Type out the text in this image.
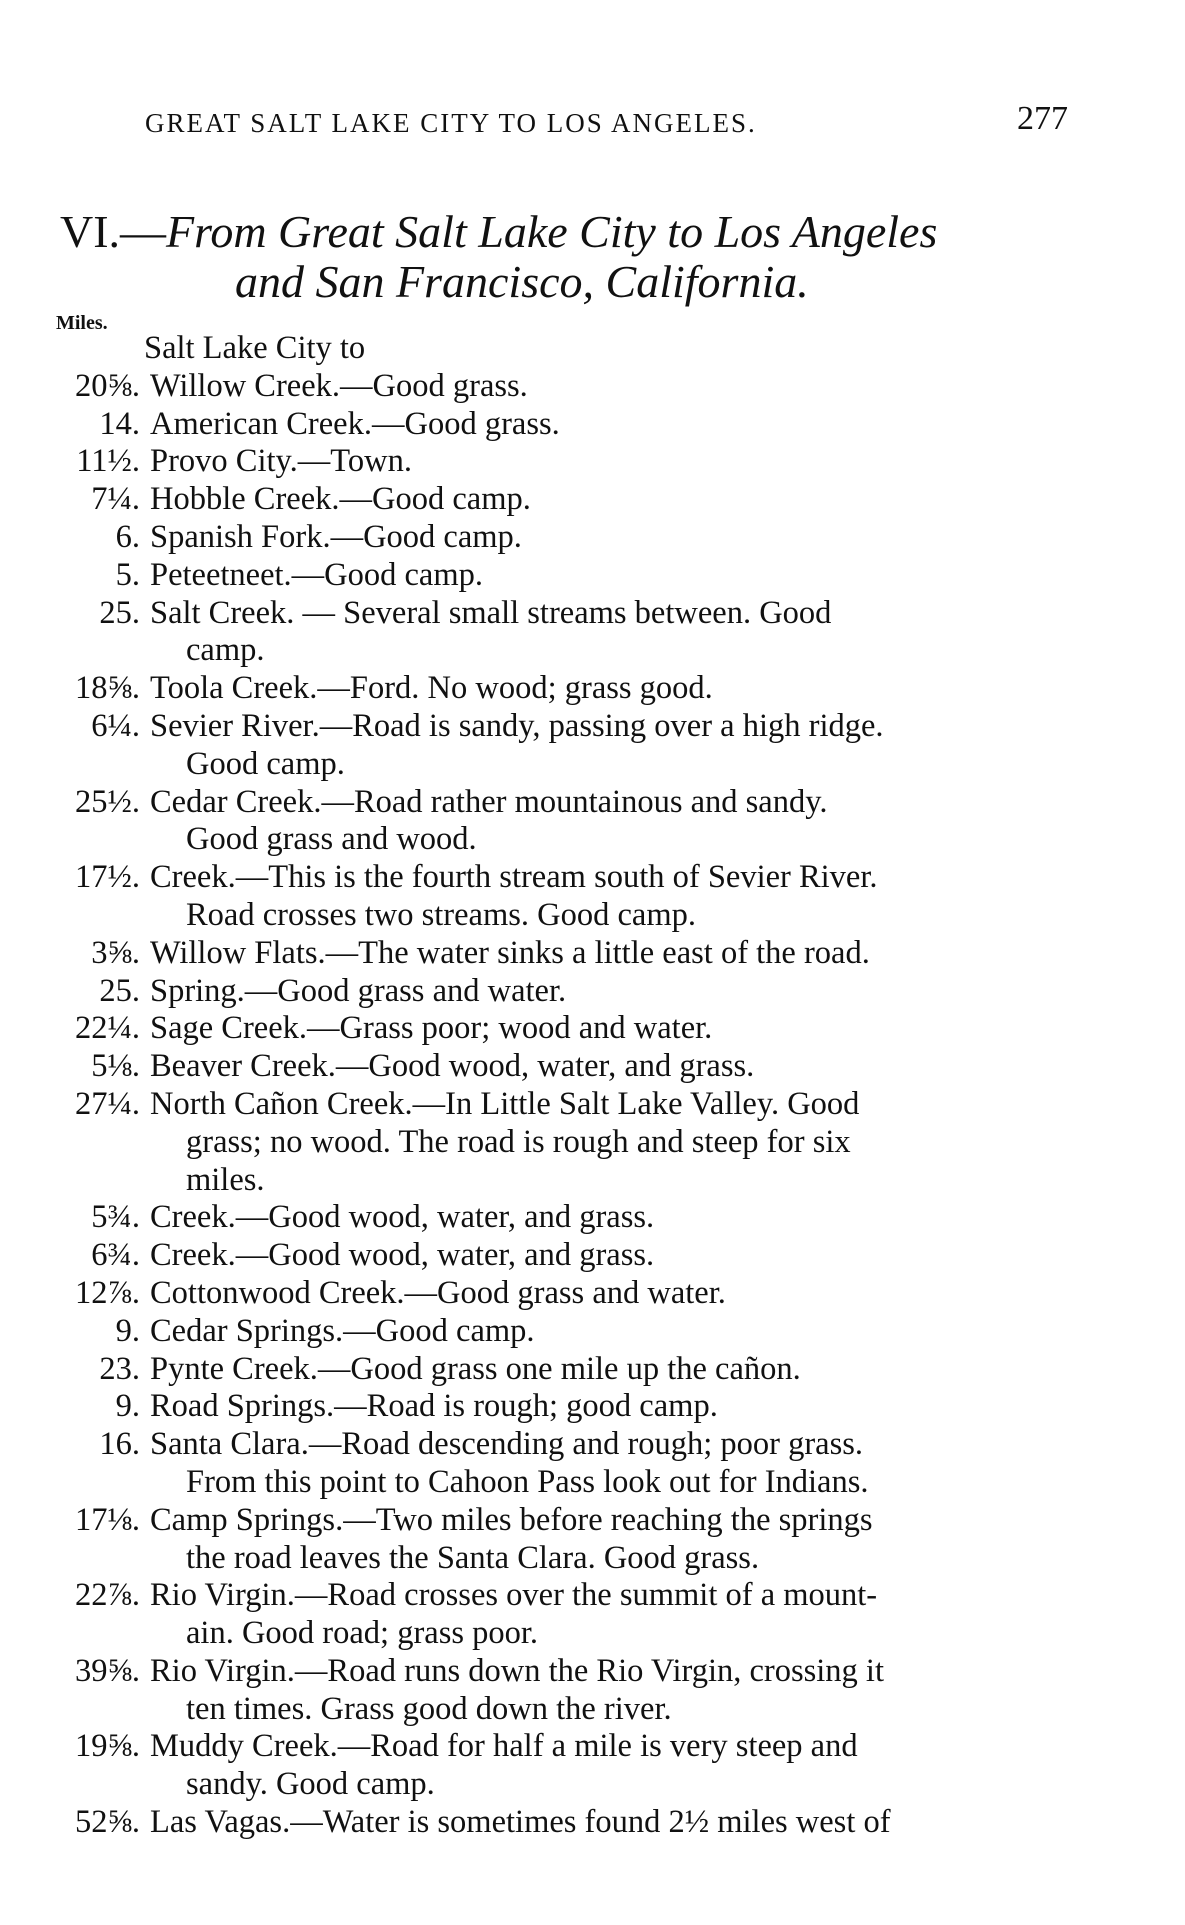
GREAT SALT LAKE CITY TO LOS ANGELES.	277
VI.—From Great Salt Lake City to Los Angeles
and San Francisco, California.
Miles.
Salt Lake City to
20⅝. Willow Creek.—Good grass.
14. American Creek.—Good grass.
11½. Provo City.—Town.
7¼. Hobble Creek.—Good camp.
6. Spanish Fork.—Good camp.
5. Peteetneet.—Good camp.
25. Salt Creek. — Several small streams between. Good
camp.
18⅝. Toola Creek.—Ford. No wood; grass good.
6¼. Sevier River.—Road is sandy, passing over a high ridge.
Good camp.
25½. Cedar Creek.—Road rather mountainous and sandy.
Good grass and wood.
17½. Creek.—This is the fourth stream south of Sevier River.
Road crosses two streams. Good camp.
3⅝. Willow Flats.—The water sinks a little east of the road.
25. Spring.—Good grass and water.
22¼. Sage Creek.—Grass poor; wood and water.
5⅛. Beaver Creek.—Good wood, water, and grass.
27¼. North Cañon Creek.—In Little Salt Lake Valley. Good
grass; no wood. The road is rough and steep for six
miles.
5¾. Creek.—Good wood, water, and grass.
6¾. Creek.—Good wood, water, and grass.
12⅞. Cottonwood Creek.—Good grass and water.
9. Cedar Springs.—Good camp.
23. Pynte Creek.—Good grass one mile up the cañon.
9. Road Springs.—Road is rough; good camp.
16. Santa Clara.—Road descending and rough; poor grass.
From this point to Cahoon Pass look out for Indians.
17⅛. Camp Springs.—Two miles before reaching the springs
the road leaves the Santa Clara. Good grass.
22⅞. Rio Virgin.—Road crosses over the summit of a mount-
ain. Good road; grass poor.
39⅝. Rio Virgin.—Road runs down the Rio Virgin, crossing it
ten times. Grass good down the river.
19⅝. Muddy Creek.—Road for half a mile is very steep and
sandy. Good camp.
52⅝. Las Vagas.—Water is sometimes found 2½ miles west of
